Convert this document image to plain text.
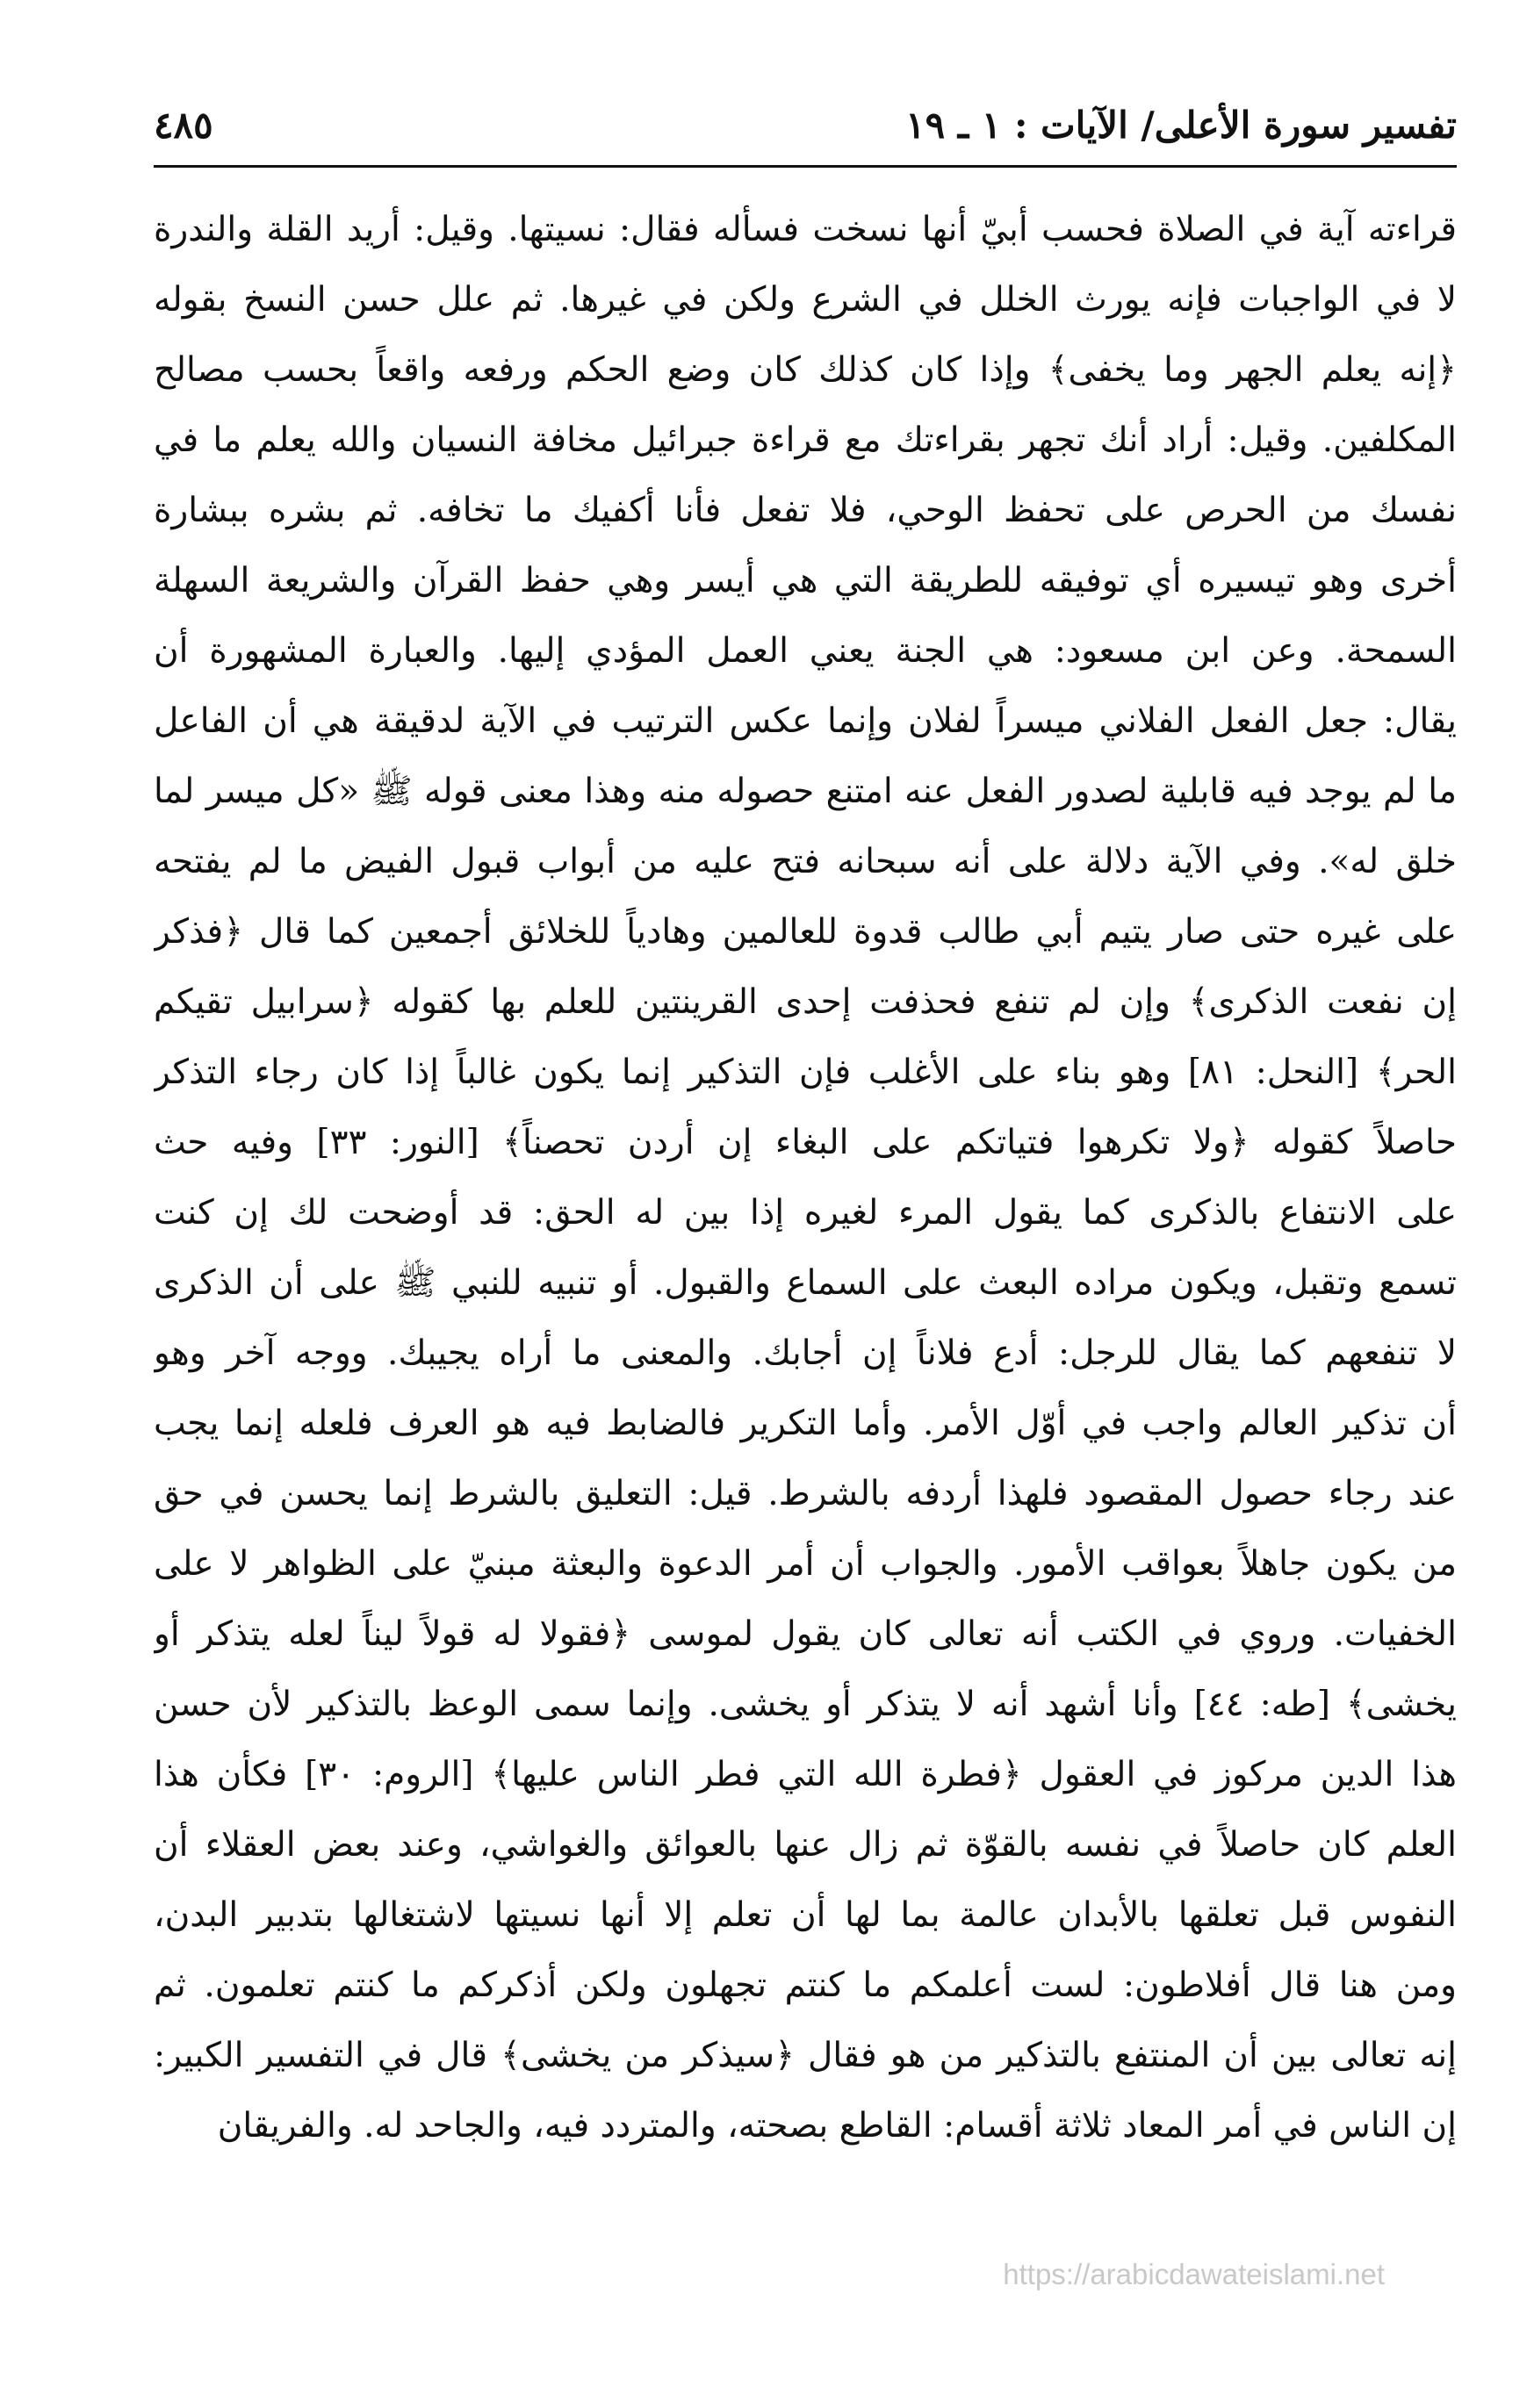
تفسير سورة الأعلى/ الآيات : ١ ـ ١٩
٤٨٥
قراءته آية في الصلاة فحسب أبيّ أنها نسخت فسأله فقال: نسيتها. وقيل: أريد القلة والندرة
لا في الواجبات فإنه يورث الخلل في الشرع ولكن في غيرها. ثم علل حسن النسخ بقوله
﴿إنه يعلم الجهر وما يخفى﴾ وإذا كان كذلك كان وضع الحكم ورفعه واقعاً بحسب مصالح
المكلفين. وقيل: أراد أنك تجهر بقراءتك مع قراءة جبرائيل مخافة النسيان والله يعلم ما في
نفسك من الحرص على تحفظ الوحي، فلا تفعل فأنا أكفيك ما تخافه. ثم بشره ببشارة
أخرى وهو تيسيره أي توفيقه للطريقة التي هي أيسر وهي حفظ القرآن والشريعة السهلة
السمحة. وعن ابن مسعود: هي الجنة يعني العمل المؤدي إليها. والعبارة المشهورة أن
يقال: جعل الفعل الفلاني ميسراً لفلان وإنما عكس الترتيب في الآية لدقيقة هي أن الفاعل
ما لم يوجد فيه قابلية لصدور الفعل عنه امتنع حصوله منه وهذا معنى قوله ﷺ «كل ميسر لما
خلق له». وفي الآية دلالة على أنه سبحانه فتح عليه من أبواب قبول الفيض ما لم يفتحه
على غيره حتى صار يتيم أبي طالب قدوة للعالمين وهادياً للخلائق أجمعين كما قال ﴿فذكر
إن نفعت الذكرى﴾ وإن لم تنفع فحذفت إحدى القرينتين للعلم بها كقوله ﴿سرابيل تقيكم
الحر﴾ [النحل: ٨١] وهو بناء على الأغلب فإن التذكير إنما يكون غالباً إذا كان رجاء التذكر
حاصلاً كقوله ﴿ولا تكرهوا فتياتكم على البغاء إن أردن تحصناً﴾ [النور: ٣٣] وفيه حث
على الانتفاع بالذكرى كما يقول المرء لغيره إذا بين له الحق: قد أوضحت لك إن كنت
تسمع وتقبل، ويكون مراده البعث على السماع والقبول. أو تنبيه للنبي ﷺ على أن الذكرى
لا تنفعهم كما يقال للرجل: أدع فلاناً إن أجابك. والمعنى ما أراه يجيبك. ووجه آخر وهو
أن تذكير العالم واجب في أوّل الأمر. وأما التكرير فالضابط فيه هو العرف فلعله إنما يجب
عند رجاء حصول المقصود فلهذا أردفه بالشرط. قيل: التعليق بالشرط إنما يحسن في حق
من يكون جاهلاً بعواقب الأمور. والجواب أن أمر الدعوة والبعثة مبنيّ على الظواهر لا على
الخفيات. وروي في الكتب أنه تعالى كان يقول لموسى ﴿فقولا له قولاً ليناً لعله يتذكر أو
يخشى﴾ [طه: ٤٤] وأنا أشهد أنه لا يتذكر أو يخشى. وإنما سمى الوعظ بالتذكير لأن حسن
هذا الدين مركوز في العقول ﴿فطرة الله التي فطر الناس عليها﴾ [الروم: ٣٠] فكأن هذا
العلم كان حاصلاً في نفسه بالقوّة ثم زال عنها بالعوائق والغواشي، وعند بعض العقلاء أن
النفوس قبل تعلقها بالأبدان عالمة بما لها أن تعلم إلا أنها نسيتها لاشتغالها بتدبير البدن،
ومن هنا قال أفلاطون: لست أعلمكم ما كنتم تجهلون ولكن أذكركم ما كنتم تعلمون. ثم
إنه تعالى بين أن المنتفع بالتذكير من هو فقال ﴿سيذكر من يخشى﴾ قال في التفسير الكبير:
إن الناس في أمر المعاد ثلاثة أقسام: القاطع بصحته، والمتردد فيه، والجاحد له. والفريقان
https://arabicdawateislami.net
